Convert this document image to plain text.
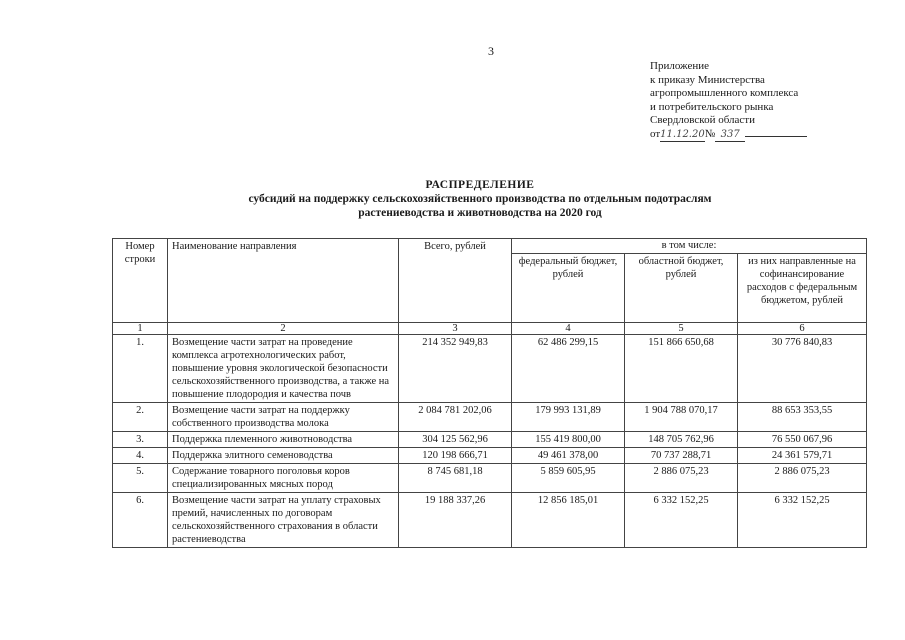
3
Приложение
к приказу Министерства
агропромышленного комплекса
и потребительского рынка
Свердловской области
от11.12.20№ 337
РАСПРЕДЕЛЕНИЕ
субсидий на поддержку сельскохозяйственного производства по отдельным подотраслям
растениеводства и животноводства на 2020 год
Номер строки	Наименование направления	Всего, рублей	в том числе:		
			федеральный бюджет, рублей	областной бюджет, рублей	из них направленные на софинансирование расходов с федеральным бюджетом, рублей
1	2	3	4	5	6
1.	Возмещение части затрат на проведение комплекса агротехнологических работ, повышение уровня экологической безопасности сельскохозяйственного производства, а также на повышение плодородия и качества почв	214 352 949,83	62 486 299,15	151 866 650,68	30 776 840,83
2.	Возмещение части затрат на поддержку собственного производства молока	2 084 781 202,06	179 993 131,89	1 904 788 070,17	88 653 353,55
3.	Поддержка племенного животноводства	304 125 562,96	155 419 800,00	148 705 762,96	76 550 067,96
4.	Поддержка элитного семеноводства	120 198 666,71	49 461 378,00	70 737 288,71	24 361 579,71
5.	Содержание товарного поголовья коров специализированных мясных пород	8 745 681,18	5 859 605,95	2 886 075,23	2 886 075,23
6.	Возмещение части затрат на уплату страховых премий, начисленных по договорам сельскохозяйственного страхования в области растениеводства	19 188 337,26	12 856 185,01	6 332 152,25	6 332 152,25
